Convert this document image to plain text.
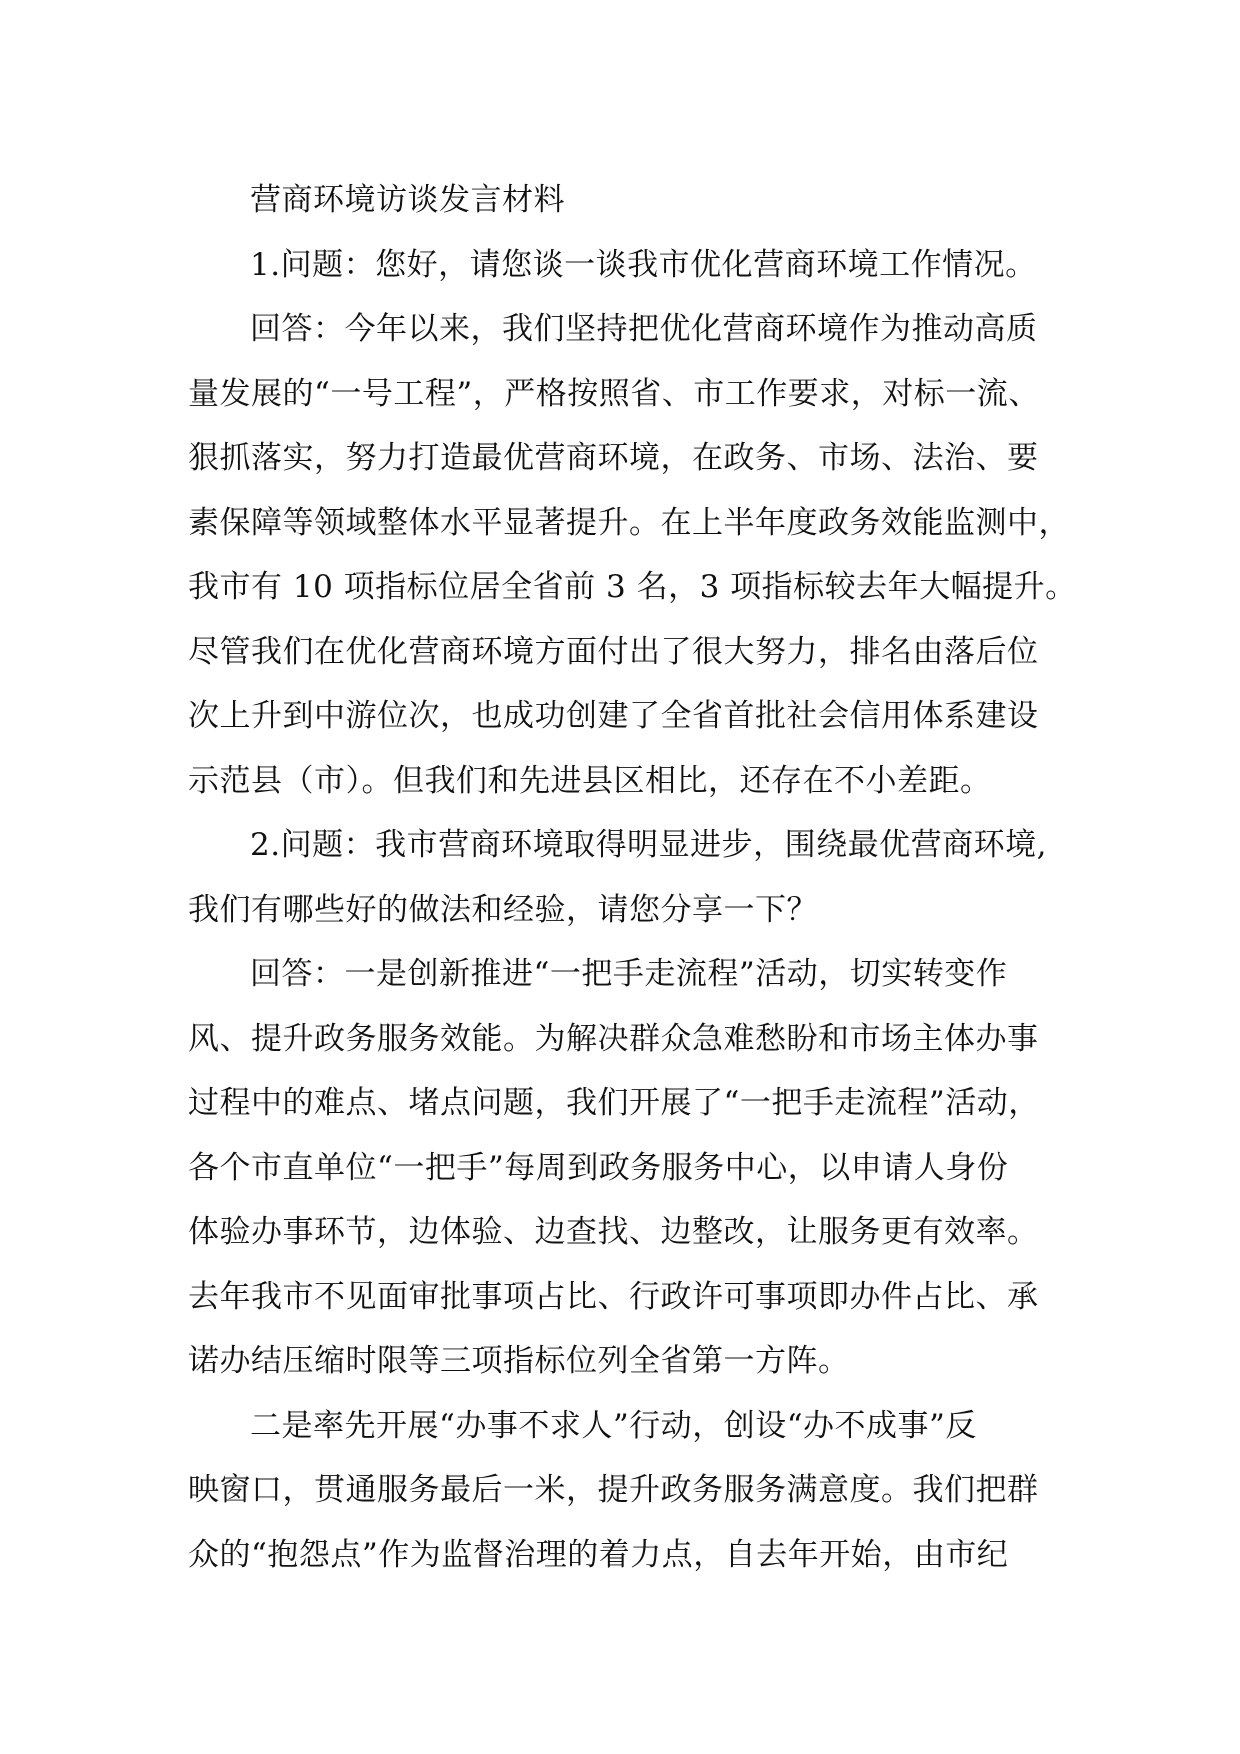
营商环境访谈发言材料
1.问题：您好，请您谈一谈我市优化营商环境工作情况。
回答：今年以来，我们坚持把优化营商环境作为推动高质
量发展的“一号工程”，严格按照省、市工作要求，对标一流、
狠抓落实，努力打造最优营商环境，在政务、市场、法治、要
素保障等领域整体水平显著提升。在上半年度政务效能监测中，
我市有 10 项指标位居全省前 3 名，3 项指标较去年大幅提升。
尽管我们在优化营商环境方面付出了很大努力，排名由落后位
次上升到中游位次，也成功创建了全省首批社会信用体系建设
示范县（市）。但我们和先进县区相比，还存在不小差距。
2.问题：我市营商环境取得明显进步，围绕最优营商环境,
我们有哪些好的做法和经验，请您分享一下？
回答：一是创新推进“一把手走流程”活动，切实转变作
风、提升政务服务效能。为解决群众急难愁盼和市场主体办事
过程中的难点、堵点问题，我们开展了“一把手走流程”活动，
各个市直单位“一把手”每周到政务服务中心，以申请人身份
体验办事环节，边体验、边查找、边整改，让服务更有效率。
去年我市不见面审批事项占比、行政许可事项即办件占比、承
诺办结压缩时限等三项指标位列全省第一方阵。
二是率先开展“办事不求人”行动，创设“办不成事”反
映窗口，贯通服务最后一米，提升政务服务满意度。我们把群
众的“抱怨点”作为监督治理的着力点，自去年开始，由市纪
